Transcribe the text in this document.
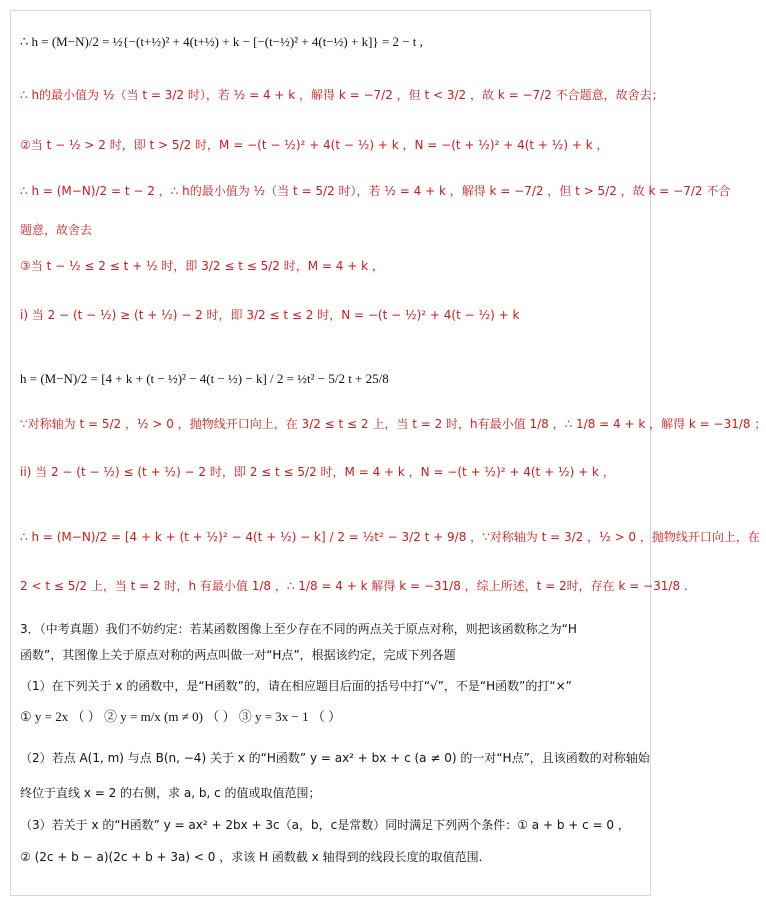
∴ h = (M−N)/2 = ½{−(t+½)² + 4(t+½) + k − [−(t−½)² + 4(t−½) + k]} = 2 − t ,
∴ h的最小值为 ½（当 t = 3/2 时），若 ½ = 4 + k ，解得 k = −7/2 ，但 t < 3/2 ，故 k = −7/2 不合题意，故舍去；
②当 t − ½ > 2 时，即 t > 5/2 时，M = −(t − ½)² + 4(t − ½) + k ，N = −(t + ½)² + 4(t + ½) + k ，
∴ h = (M−N)/2 = t − 2 ，∴ h的最小值为 ½（当 t = 5/2 时），若 ½ = 4 + k ，解得 k = −7/2 ，但 t > 5/2 ，故 k = −7/2 不合
题意，故舍去
③当 t − ½ ≤ 2 ≤ t + ½ 时，即 3/2 ≤ t ≤ 5/2 时，M = 4 + k ，
i) 当 2 − (t − ½) ≥ (t + ½) − 2 时，即 3/2 ≤ t ≤ 2 时，N = −(t − ½)² + 4(t − ½) + k
h = (M−N)/2 = [4 + k + (t − ½)² − 4(t − ½) − k] / 2 = ½t² − 5/2 t + 25/8
∵对称轴为 t = 5/2 ，½ > 0 ，抛物线开口向上，在 3/2 ≤ t ≤ 2 上，当 t = 2 时，h有最小值 1/8 ，∴ 1/8 = 4 + k ，解得 k = −31/8 ；
ii) 当 2 − (t − ½) ≤ (t + ½) − 2 时，即 2 ≤ t ≤ 5/2 时，M = 4 + k ，N = −(t + ½)² + 4(t + ½) + k ，
∴ h = (M−N)/2 = [4 + k + (t + ½)² − 4(t + ½) − k] / 2 = ½t² − 3/2 t + 9/8 ，∵对称轴为 t = 3/2 ，½ > 0 ，抛物线开口向上，在
2 < t ≤ 5/2 上，当 t = 2 时，h 有最小值 1/8 ，∴ 1/8 = 4 + k 解得 k = −31/8 ，综上所述，t = 2时，存在 k = −31/8 .
3．（中考真题）我们不妨约定：若某函数图像上至少存在不同的两点关于原点对称，则把该函数称之为“H
函数”，其图像上关于原点对称的两点叫做一对“H点”，根据该约定，完成下列各题
（1）在下列关于 x 的函数中，是“H函数”的，请在相应题目后面的括号中打“√”，不是“H函数”的打“×”
① y = 2x （ ） ② y = m/x (m ≠ 0) （ ） ③ y = 3x − 1 （ ）
（2）若点 A(1, m) 与点 B(n, −4) 关于 x 的“H函数” y = ax² + bx + c (a ≠ 0) 的一对“H点”，且该函数的对称轴始
终位于直线 x = 2 的右侧，求 a, b, c 的值或取值范围；
（3）若关于 x 的“H函数” y = ax² + 2bx + 3c（a，b，c是常数）同时满足下列两个条件：① a + b + c = 0 ，
② (2c + b − a)(2c + b + 3a) < 0 ，求该 H 函数截 x 轴得到的线段长度的取值范围.
